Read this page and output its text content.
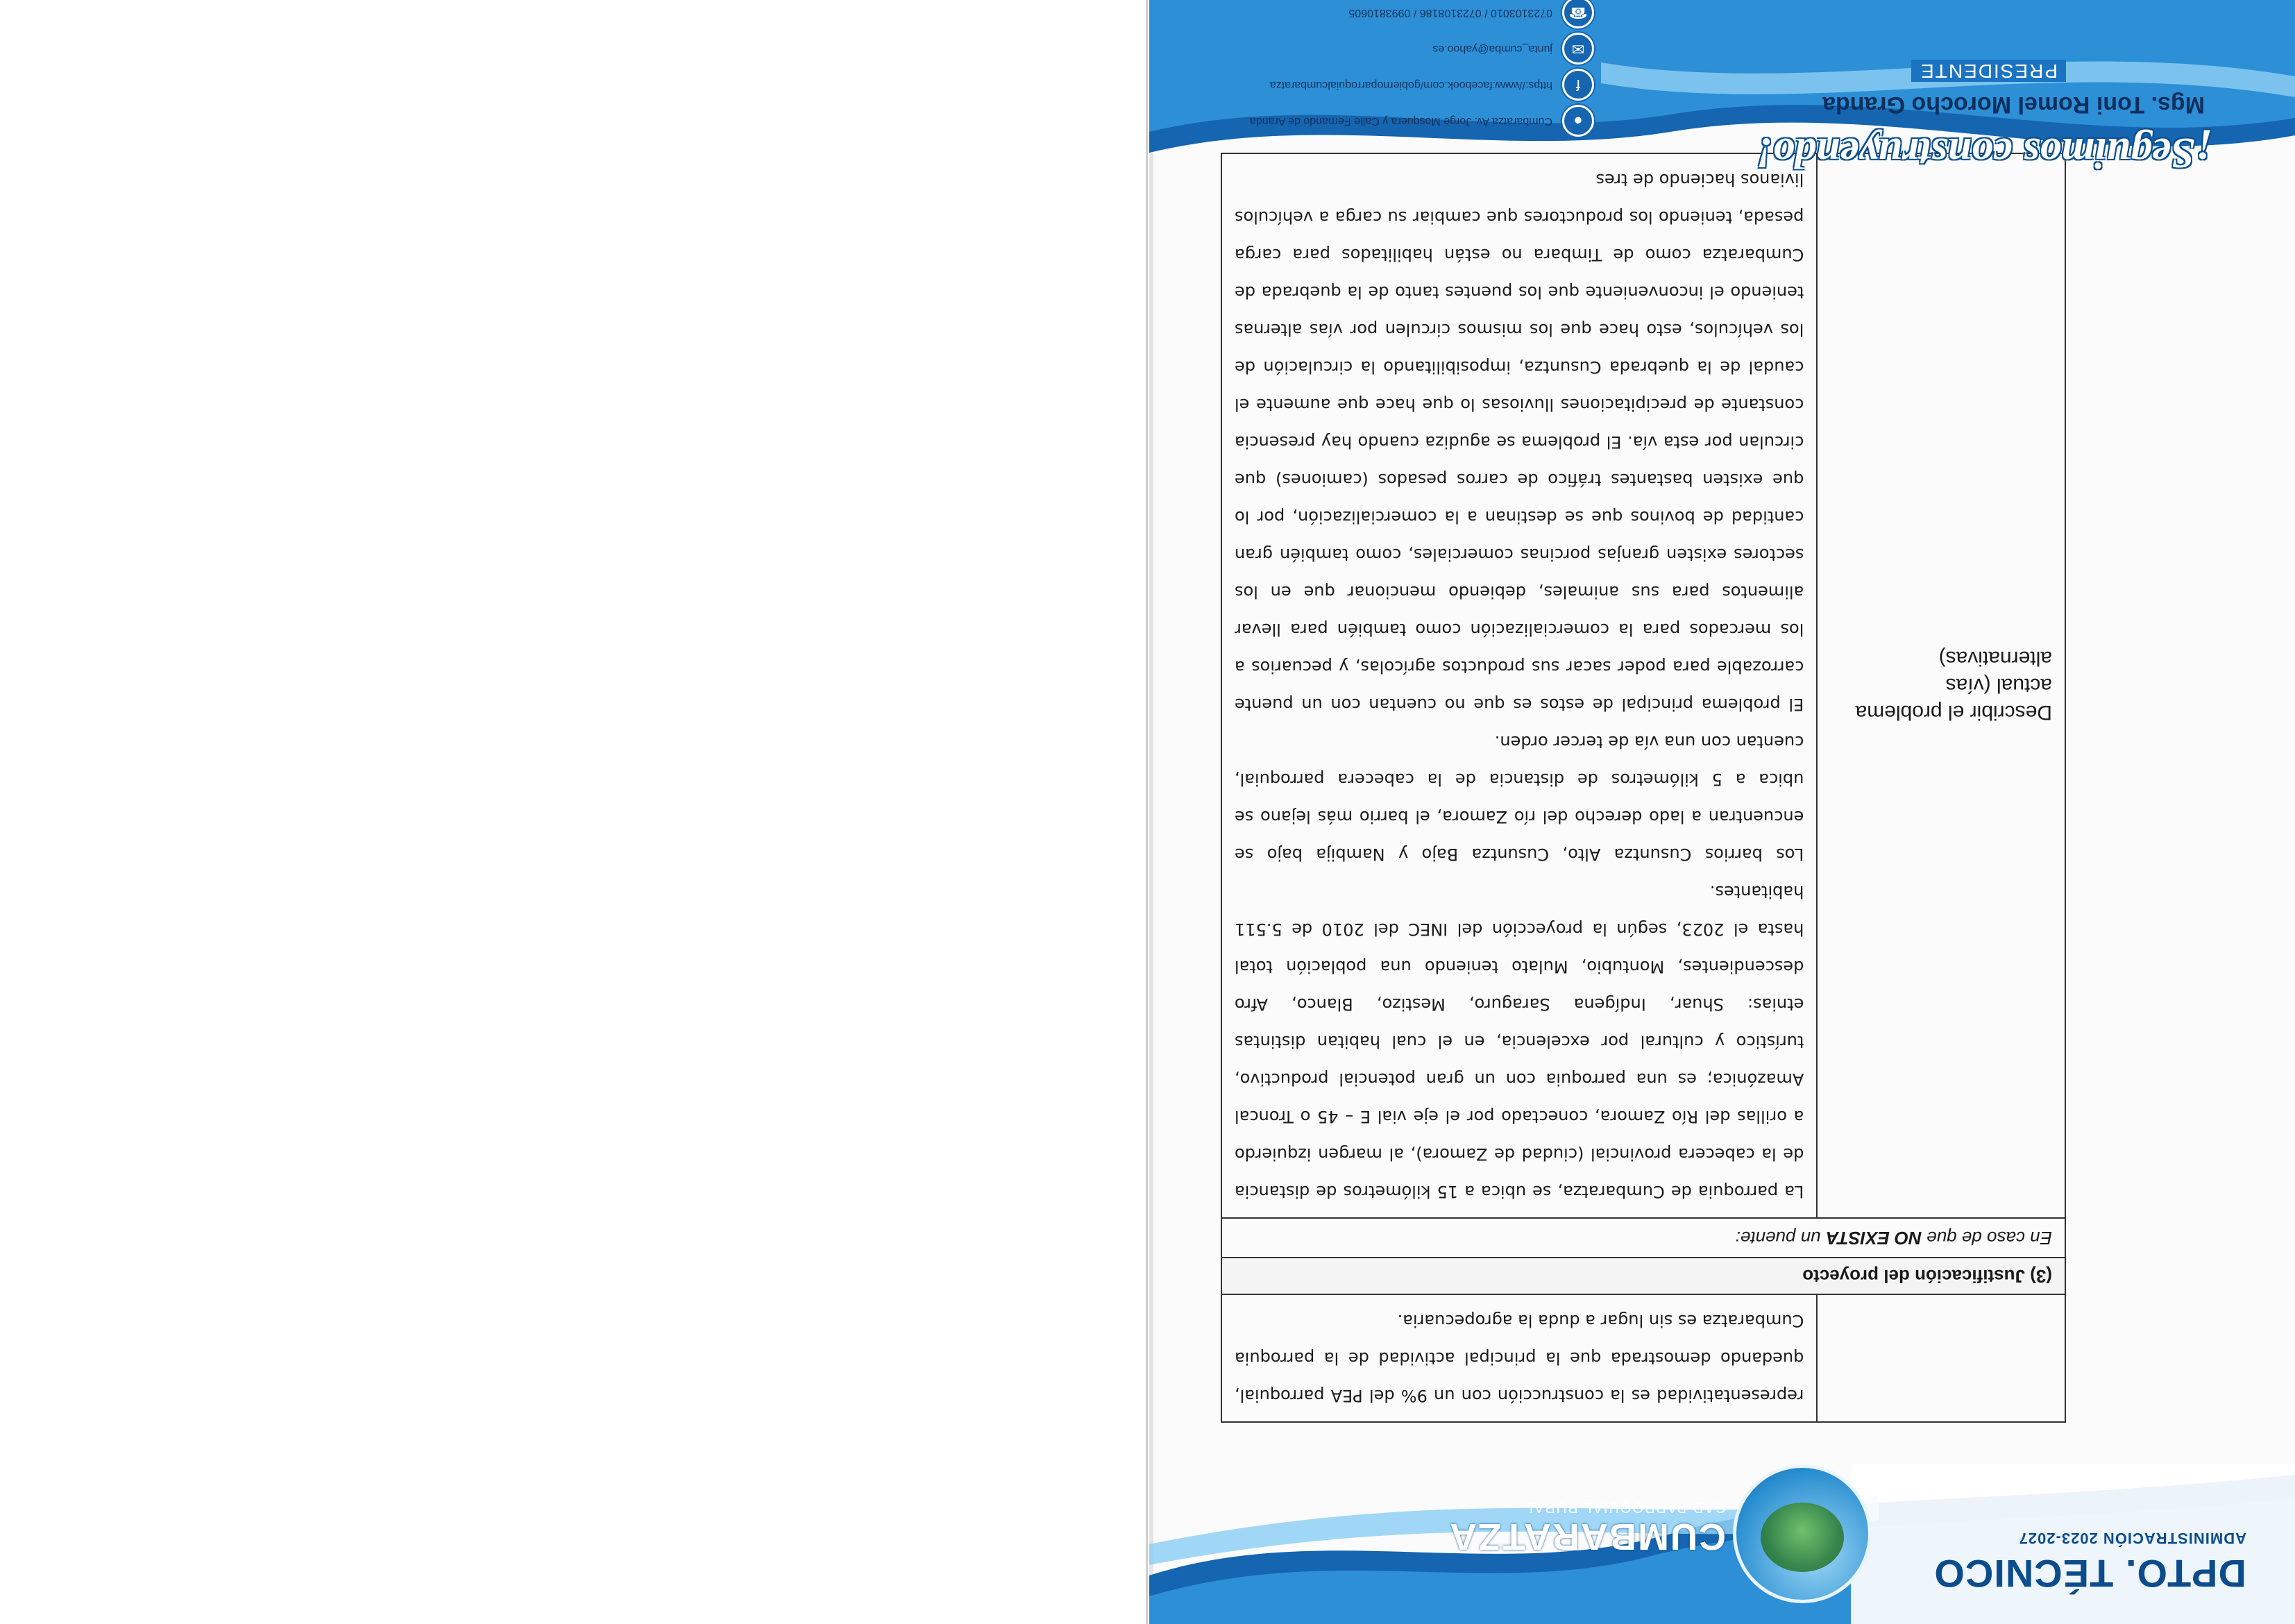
DPTO. TÉCNICO
ADMINISTRACIÓN 2023-2027
CUMBARATZA
GAD PARROQUIAL RURAL
	representatividad es la construcción con un 9% del PEA parroquial, quedando demostrada que la principal actividad de la parroquia Cumbaratza es sin lugar a duda la agropecuaria.
(3) Justificación del proyecto	
En caso de que NO EXISTA un puente:	
Describir el problema actual (vías alternativas)	La parroquia de Cumbaratza, se ubica a 15 kilómetros de distancia de la cabecera provincial (ciudad de Zamora), al margen izquierdo a orillas del Río Zamora, conectado por el eje vial E – 45 o Troncal Amazónica; es una parroquia con un gran potencial productivo, turístico y cultural por excelencia, en el cual habitan distintas etnias: Shuar, Indígena Saraguro, Mestizo, Blanco, Afro descendientes, Montubio, Mulato teniendo una población total hasta el 2023, según la proyección del INEC del 2010 de 5.511 habitantes.

Los barrios Cusuntza Alto, Cusuntza Bajo y Nambija bajo se encuentran a lado derecho del río Zamora, el barrio más lejano se ubica a 5 kilómetros de distancia de la cabecera parroquial, cuentan con una vía de tercer orden.

El problema principal de estos es que no cuentan con un puente carrozable para poder sacar sus productos agrícolas, y pecuarios a los mercados para la comercialización como también para llevar alimentos para sus animales, debiendo mencionar que en los sectores existen granjas porcinas comerciales, como también gran cantidad de bovinos que se destinan a la comercialización, por lo que existen bastantes tráfico de carros pesados (camiones) que circulan por esta vía. El problema se agudiza cuando hay presencia constante de precipitaciones lluviosas lo que hace que aumente el caudal de la quebrada Cusuntza, imposibilitando la circulación de los vehículos, esto hace que los mismos circulen por vías alternas teniendo el inconveniente que los puentes tanto de la quebrada de Cumbaratza como de Timbara no están habilitados para carga pesada, teniendo los productores que cambiar su carga a vehículos livianos haciendo de tres

¡Seguimos construyendo!
Mgs. Toni Romel Morocho Granda
PRESIDENTE
●
Cumbaratza Av. Jorge Mosquera y Calle Fernando de Aranda
f
https://www.facebook.com/gobiernoparroquialcumbaratza
✉
junta_cumba@yahoo.es
☎
0723103010 / 0723108186 / 0993810605
